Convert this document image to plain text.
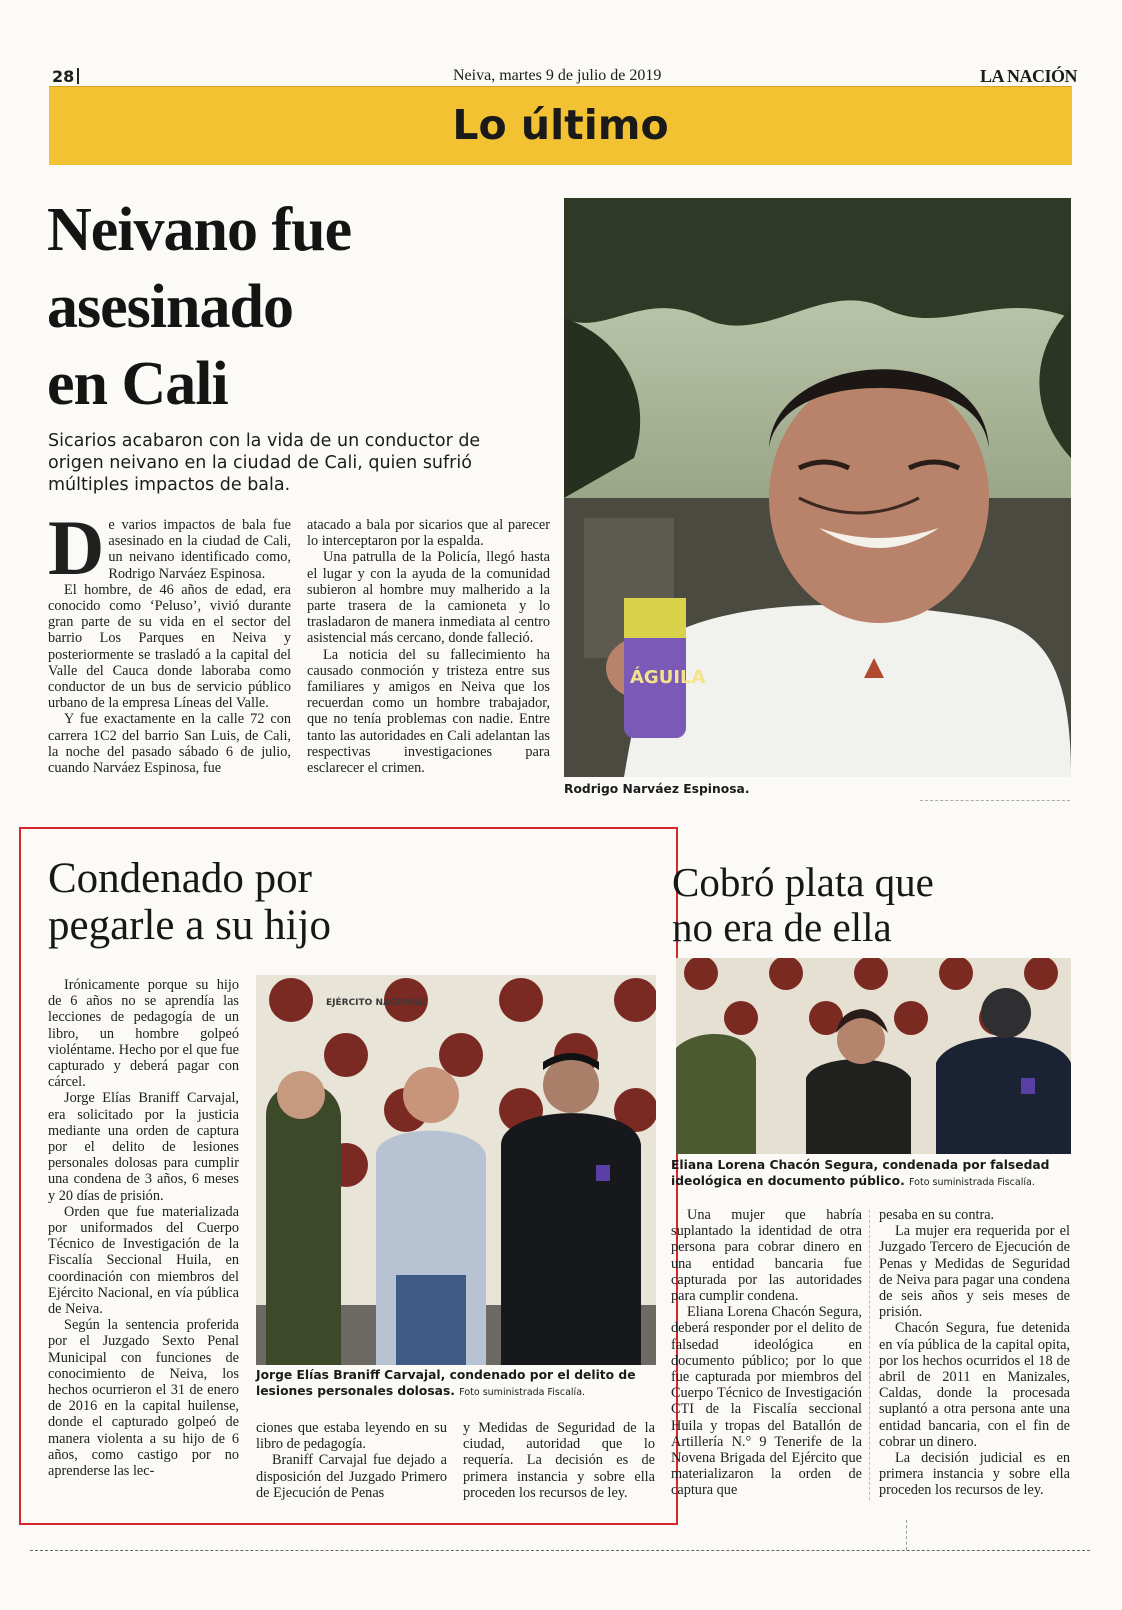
28	Neiva, martes 9 de julio de 2019	LA NACIÓN
Lo último
Neivano fue
asesinado
en Cali
Sicarios acabaron con la vida de un conductor de origen neivano en la ciudad de Cali, quien sufrió múltiples impactos de bala.
D e varios impactos de bala fue asesinado en la ciudad de Cali, un neivano identificado como, Rodrigo Narváez Espinosa.

El hombre, de 46 años de edad, era conocido como ‘Peluso’, vivió durante gran parte de su vida en el sector del barrio Los Parques en Neiva y posteriormente se trasladó a la capital del Valle del Cauca donde laboraba como conductor de un bus de servicio público urbano de la empresa Líneas del Valle.

Y fue exactamente en la calle 72 con carrera 1C2 del barrio San Luis, de Cali, la noche del pasado sábado 6 de julio, cuando Narváez Espinosa, fue

atacado a bala por sicarios que al parecer lo interceptaron por la espalda.

Una patrulla de la Policía, llegó hasta el lugar y con la ayuda de la comunidad subieron al hombre muy malherido a la parte trasera de la camioneta y lo trasladaron de manera inmediata al centro asistencial más cercano, donde falleció.

La noticia del su fallecimiento ha causado conmoción y tristeza entre sus familiares y amigos en Neiva que los recuerdan como un hombre trabajador, que no tenía problemas con nadie. Entre tanto las autoridades en Cali adelantan las respectivas investigaciones para esclarecer el crimen.

ÁGUILA
Rodrigo Narváez Espinosa.
Condenado por
pegarle a su hijo

Irónicamente porque su hijo de 6 años no se aprendía las lecciones de pedagogía de un libro, un hombre golpeó violéntame. Hecho por el que fue capturado y deberá pagar con cárcel.

Jorge Elías Braniff Carvajal, era solicitado por la justicia mediante una orden de captura por el delito de lesiones personales dolosas para cumplir una condena de 3 años, 6 meses y 20 días de prisión.

Orden que fue materializada por uniformados del Cuerpo Técnico de Investigación de la Fiscalía Seccional Huila, en coordinación con miembros del Ejército Nacional, en vía pública de Neiva.

Según la sentencia proferida por el Juzgado Sexto Penal Municipal con funciones de conocimiento de Neiva, los hechos ocurrieron el 31 de enero de 2016 en la capital huilense, donde el capturado golpeó de manera violenta a su hijo de 6 años, como castigo por no aprenderse las lec-

EJÉRCITO NACIONAL
Jorge Elías Braniff Carvajal, condenado por el delito de lesiones personales dolosas. Foto suministrada Fiscalía.

ciones que estaba leyendo en su libro de pedagogía.

Braniff Carvajal fue dejado a disposición del Juzgado Primero de Ejecución de Penas

y Medidas de Seguridad de la ciudad, autoridad que lo requería. La decisión es de primera instancia y sobre ella proceden los recursos de ley.

Cobró plata que
no era de ella
Eliana Lorena Chacón Segura, condenada por falsedad ideológica en documento público. Foto suministrada Fiscalía.

Una mujer que habría suplantado la identidad de otra persona para cobrar dinero en una entidad bancaria fue capturada por las autoridades para cumplir condena.

Eliana Lorena Chacón Segura, deberá responder por el delito de falsedad ideológica en documento público; por lo que fue capturada por miembros del Cuerpo Técnico de Investigación CTI de la Fiscalía seccional Huila y tropas del Batallón de Artillería N.° 9 Tenerife de la Novena Brigada del Ejército que materializaron la orden de captura que

pesaba en su contra.

La mujer era requerida por el Juzgado Tercero de Ejecución de Penas y Medidas de Seguridad de Neiva para pagar una condena de seis años y seis meses de prisión.

Chacón Segura, fue detenida en vía pública de la capital opita, por los hechos ocurridos el 18 de abril de 2011 en Manizales, Caldas, donde la procesada suplantó a otra persona ante una entidad bancaria, con el fin de cobrar un dinero.

La decisión judicial es en primera instancia y sobre ella proceden los recursos de ley.
